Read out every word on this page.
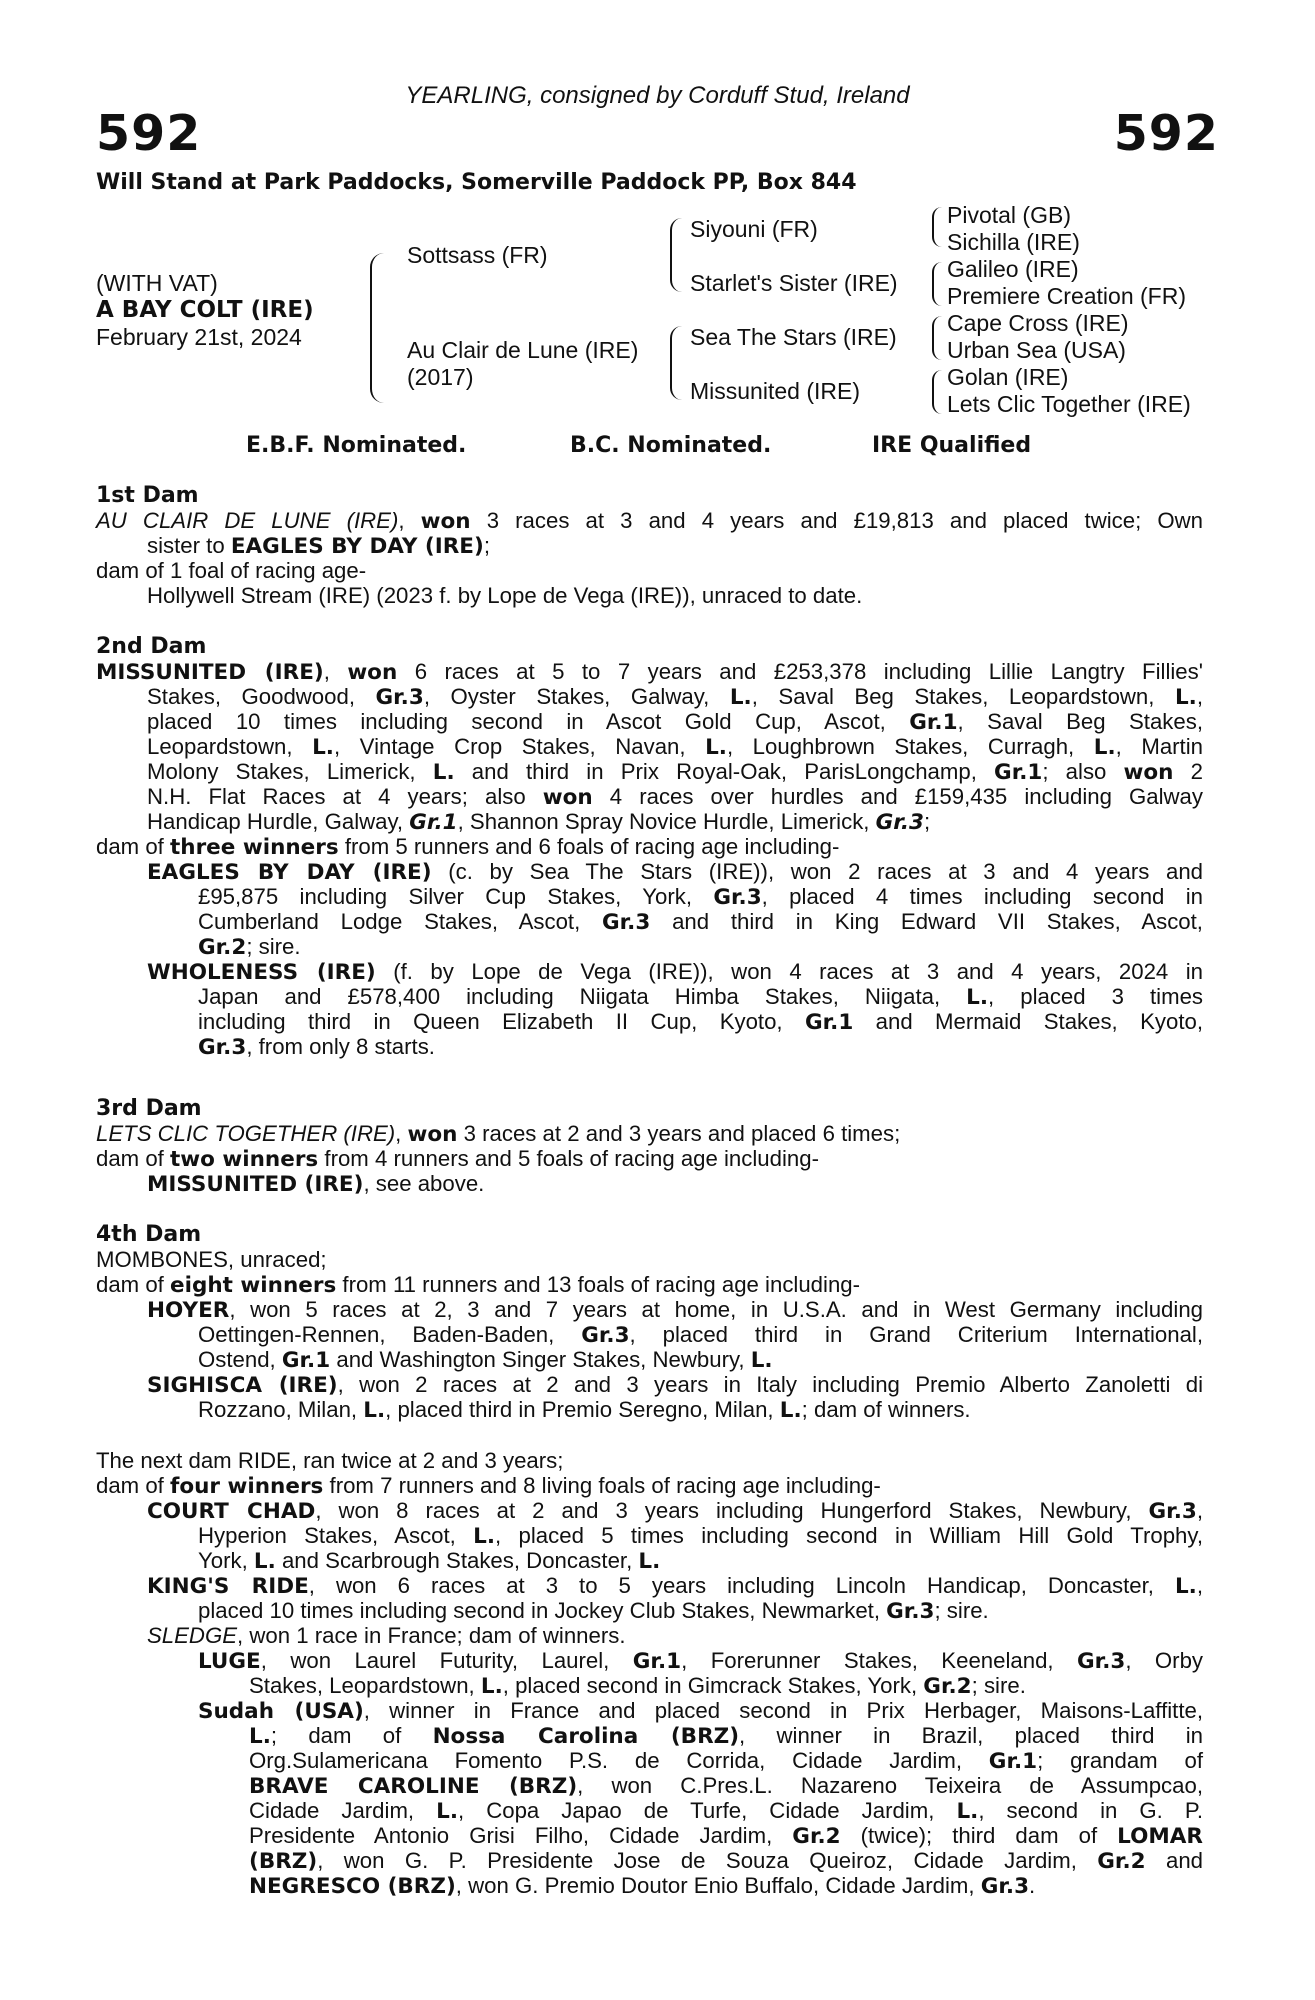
YEARLING, consigned by Corduff Stud, Ireland
592	592
Will Stand at Park Paddocks, Somerville Paddock PP, Box 844
(WITH VAT)
A BAY COLT (IRE)
February 21st, 2024
Sottsass (FR)
Au Clair de Lune (IRE)
(2017)
Siyouni (FR)
Starlet's Sister (IRE)
Sea The Stars (IRE)
Missunited (IRE)
Pivotal (GB)
Sichilla (IRE)
Galileo (IRE)
Premiere Creation (FR)
Cape Cross (IRE)
Urban Sea (USA)
Golan (IRE)
Lets Clic Together (IRE)
E.B.F. Nominated.	B.C. Nominated.	IRE Qualified
1st Dam
AU CLAIR DE LUNE (IRE), won 3 races at 3 and 4 years and £19,813 and placed twice; Own
sister to EAGLES BY DAY (IRE);
dam of 1 foal of racing age-
Hollywell Stream (IRE) (2023 f. by Lope de Vega (IRE)), unraced to date.
2nd Dam
MISSUNITED (IRE), won 6 races at 5 to 7 years and £253,378 including Lillie Langtry Fillies'
Stakes, Goodwood, Gr.3, Oyster Stakes, Galway, L., Saval Beg Stakes, Leopardstown, L.,
placed 10 times including second in Ascot Gold Cup, Ascot, Gr.1, Saval Beg Stakes,
Leopardstown, L., Vintage Crop Stakes, Navan, L., Loughbrown Stakes, Curragh, L., Martin
Molony Stakes, Limerick, L. and third in Prix Royal-Oak, ParisLongchamp, Gr.1; also won 2
N.H. Flat Races at 4 years; also won 4 races over hurdles and £159,435 including Galway
Handicap Hurdle, Galway, Gr.1, Shannon Spray Novice Hurdle, Limerick, Gr.3;
dam of three winners from 5 runners and 6 foals of racing age including-
EAGLES BY DAY (IRE) (c. by Sea The Stars (IRE)), won 2 races at 3 and 4 years and
£95,875 including Silver Cup Stakes, York, Gr.3, placed 4 times including second in
Cumberland Lodge Stakes, Ascot, Gr.3 and third in King Edward VII Stakes, Ascot,
Gr.2; sire.
WHOLENESS (IRE) (f. by Lope de Vega (IRE)), won 4 races at 3 and 4 years, 2024 in
Japan and £578,400 including Niigata Himba Stakes, Niigata, L., placed 3 times
including third in Queen Elizabeth II Cup, Kyoto, Gr.1 and Mermaid Stakes, Kyoto,
Gr.3, from only 8 starts.
3rd Dam
LETS CLIC TOGETHER (IRE), won 3 races at 2 and 3 years and placed 6 times;
dam of two winners from 4 runners and 5 foals of racing age including-
MISSUNITED (IRE), see above.
4th Dam
MOMBONES, unraced;
dam of eight winners from 11 runners and 13 foals of racing age including-
HOYER, won 5 races at 2, 3 and 7 years at home, in U.S.A. and in West Germany including
Oettingen-Rennen, Baden-Baden, Gr.3, placed third in Grand Criterium International,
Ostend, Gr.1 and Washington Singer Stakes, Newbury, L.
SIGHISCA (IRE), won 2 races at 2 and 3 years in Italy including Premio Alberto Zanoletti di
Rozzano, Milan, L., placed third in Premio Seregno, Milan, L.; dam of winners.
The next dam RIDE, ran twice at 2 and 3 years;
dam of four winners from 7 runners and 8 living foals of racing age including-
COURT CHAD, won 8 races at 2 and 3 years including Hungerford Stakes, Newbury, Gr.3,
Hyperion Stakes, Ascot, L., placed 5 times including second in William Hill Gold Trophy,
York, L. and Scarbrough Stakes, Doncaster, L.
KING'S RIDE, won 6 races at 3 to 5 years including Lincoln Handicap, Doncaster, L.,
placed 10 times including second in Jockey Club Stakes, Newmarket, Gr.3; sire.
SLEDGE, won 1 race in France; dam of winners.
LUGE, won Laurel Futurity, Laurel, Gr.1, Forerunner Stakes, Keeneland, Gr.3, Orby
Stakes, Leopardstown, L., placed second in Gimcrack Stakes, York, Gr.2; sire.
Sudah (USA), winner in France and placed second in Prix Herbager, Maisons-Laffitte,
L.; dam of Nossa Carolina (BRZ), winner in Brazil, placed third in
Org.Sulamericana Fomento P.S. de Corrida, Cidade Jardim, Gr.1; grandam of
BRAVE CAROLINE (BRZ), won C.Pres.L. Nazareno Teixeira de Assumpcao,
Cidade Jardim, L., Copa Japao de Turfe, Cidade Jardim, L., second in G. P.
Presidente Antonio Grisi Filho, Cidade Jardim, Gr.2 (twice); third dam of LOMAR
(BRZ), won G. P. Presidente Jose de Souza Queiroz, Cidade Jardim, Gr.2 and
NEGRESCO (BRZ), won G. Premio Doutor Enio Buffalo, Cidade Jardim, Gr.3.
